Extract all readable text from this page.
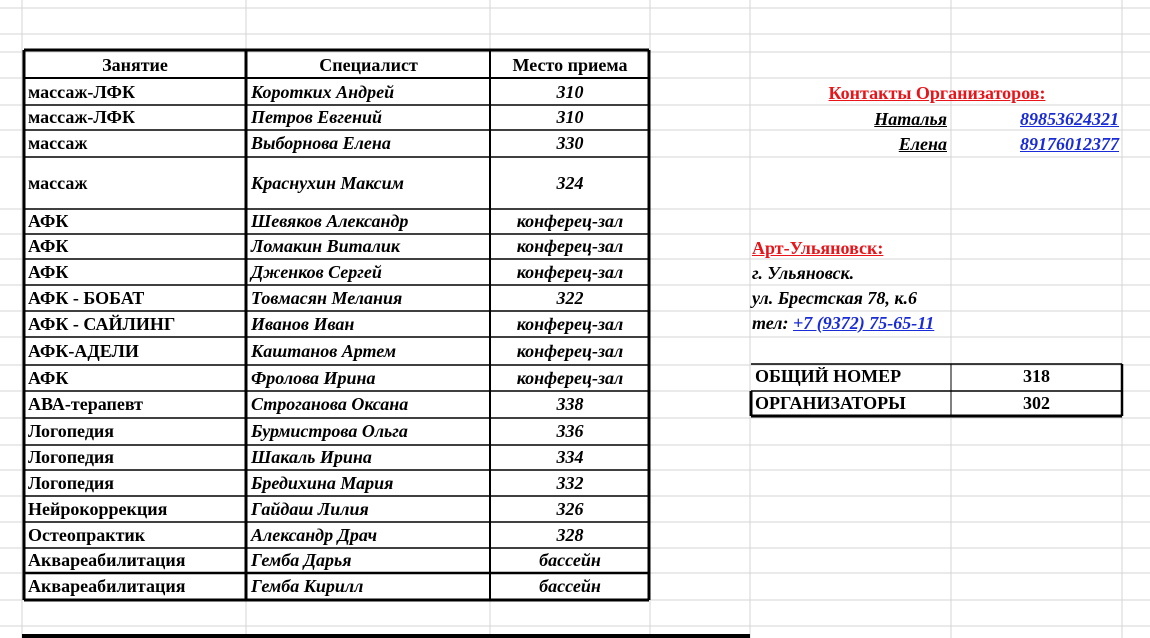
Занятие	Специалист	Место приема
массаж-ЛФК	Коротких Андрей	310
массаж-ЛФК	Петров Евгений	310
массаж	Выборнова Елена	330
массаж	Краснухин Максим	324
АФК	Шевяков Александр	конферец-зал
АФК	Ломакин Виталик	конферец-зал
АФК	Дженков Сергей	конферец-зал
АФК - БОБАТ	Товмасян Мелания	322
АФК - САЙЛИНГ	Иванов Иван	конферец-зал
АФК-АДЕЛИ	Каштанов Артем	конферец-зал
АФК	Фролова Ирина	конферец-зал
АВА-терапевт	Строганова Оксана	338
Логопедия	Бурмистрова Ольга	336
Логопедия	Шакаль Ирина	334
Логопедия	Бредихина Мария	332
Нейрокоррекция	Гайдаш Лилия	326
Остеопрактик	Александр Драч	328
Аквареабилитация	Гемба Дарья	бассейн
Аквареабилитация	Гемба Кирилл	бассейн
Контакты Организаторов:
Наталья	89853624321
Елена	89176012377
Арт-Ульяновск:
г. Ульяновск.
ул. Брестская 78, к.6
тел: +7 (9372) 75-65-11
ОБЩИЙ НОМЕР	318
ОРГАНИЗАТОРЫ	302
